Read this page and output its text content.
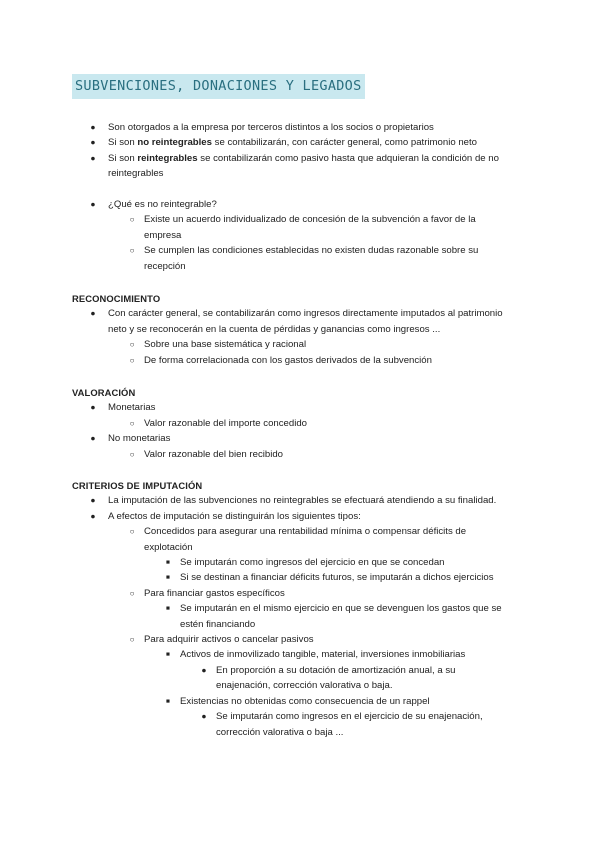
SUBVENCIONES, DONACIONES Y LEGADOS
●	Son otorgados a la empresa por terceros distintos a los socios o propietarios
●	Si son no reintegrables se contabilizarán, con carácter general, como patrimonio neto
●	Si son reintegrables se contabilizarán como pasivo hasta que adquieran la condición de no
reintegrables
●	¿Qué es no reintegrable?
○ Existe un acuerdo individualizado de concesión de la subvención a favor de la
empresa
○ Se cumplen las condiciones establecidas no existen dudas razonable sobre su
recepción
RECONOCIMIENTO
●	Con carácter general, se contabilizarán como ingresos directamente imputados al patrimonio
neto y se reconocerán en la cuenta de pérdidas y ganancias como ingresos ...
○ Sobre una base sistemática y racional
○ De forma correlacionada con los gastos derivados de la subvención
VALORACIÓN
●	Monetarias
○ Valor razonable del importe concedido
●	No monetarias
○ Valor razonable del bien recibido
CRITERIOS DE IMPUTACIÓN
●	La imputación de las subvenciones no reintegrables se efectuará atendiendo a su finalidad.
●	A efectos de imputación se distinguirán los siguientes tipos:
○ Concedidos para asegurar una rentabilidad mínima o compensar déficits de
explotación
■	Se imputarán como ingresos del ejercicio en que se concedan
■	Si se destinan a financiar déficits futuros, se imputarán a dichos ejercicios
○ Para financiar gastos específicos
■	Se imputarán en el mismo ejercicio en que se devenguen los gastos que se
estén financiando
○ Para adquirir activos o cancelar pasivos
■	Activos de inmovilizado tangible, material, inversiones inmobiliarias
● En proporción a su dotación de amortización anual, a su
enajenación, corrección valorativa o baja.
■	Existencias no obtenidas como consecuencia de un rappel
● Se imputarán como ingresos en el ejercicio de su enajenación,
corrección valorativa o baja ...
